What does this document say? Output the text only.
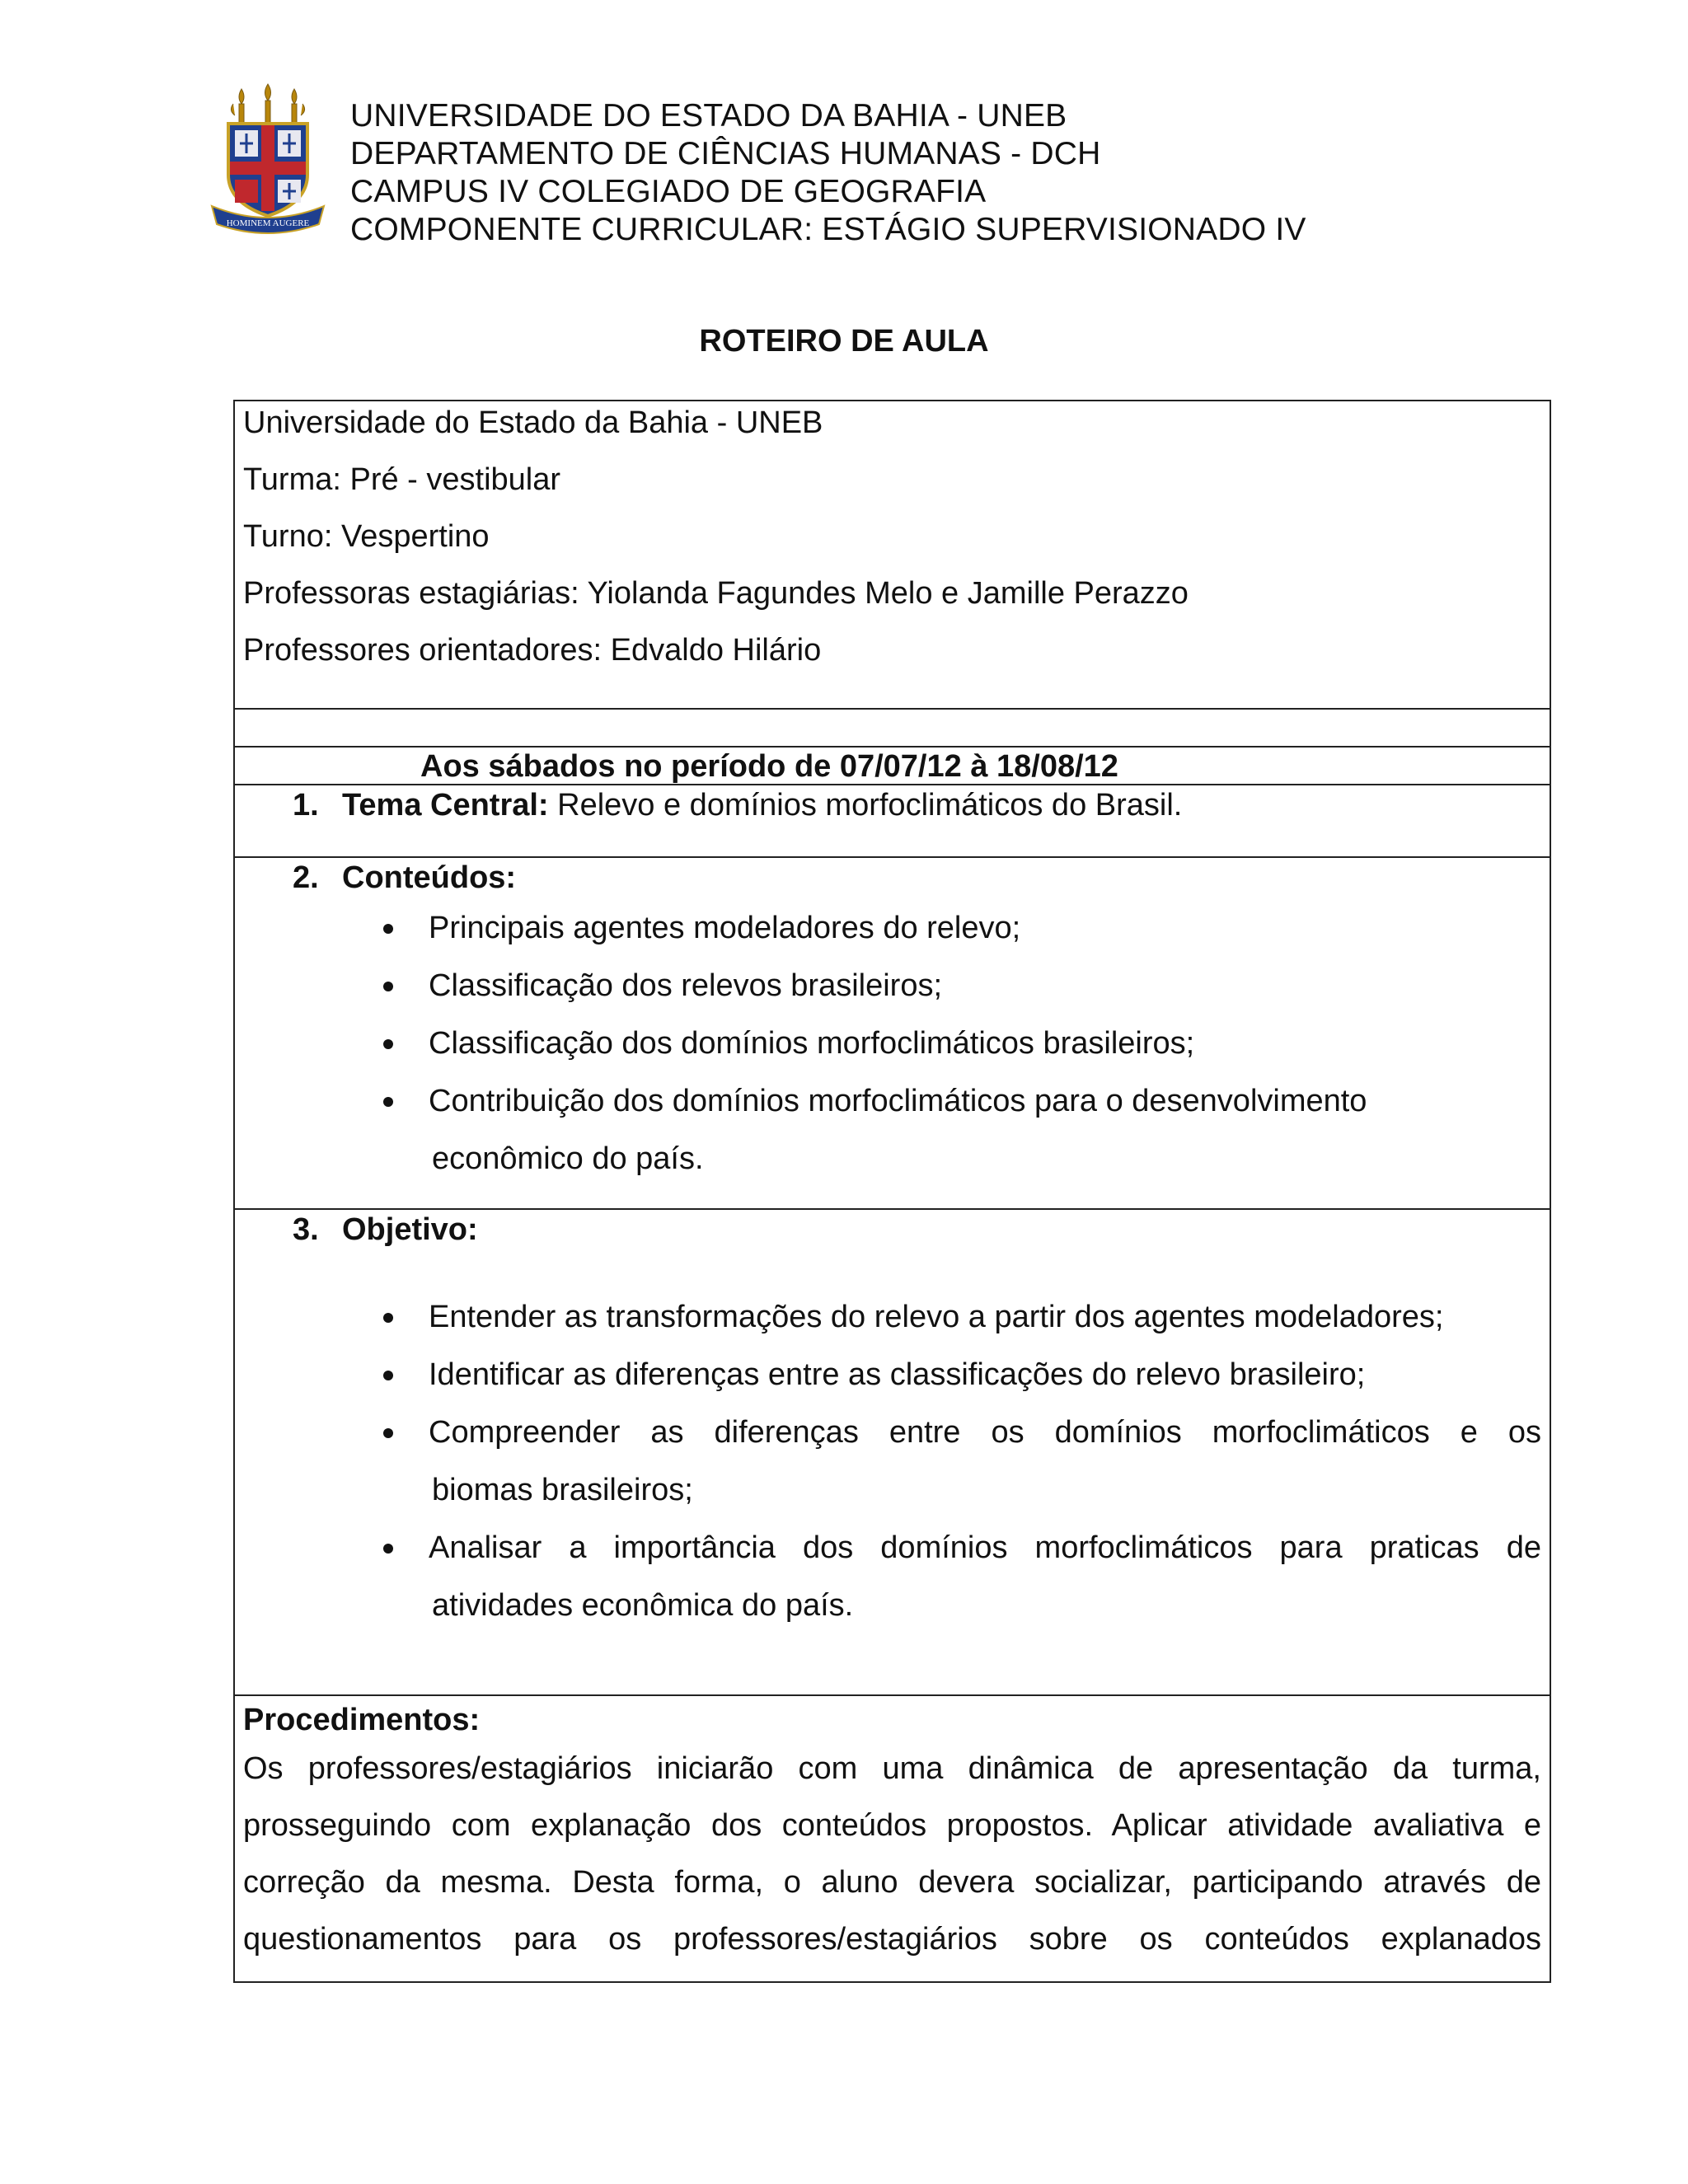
HOMINEM AUGERE
UNIVERSIDADE DO ESTADO DA BAHIA - UNEB
DEPARTAMENTO DE CIÊNCIAS HUMANAS - DCH
CAMPUS IV COLEGIADO DE GEOGRAFIA
COMPONENTE CURRICULAR: ESTÁGIO SUPERVISIONADO IV
ROTEIRO DE AULA

Universidade do Estado da Bahia - UNEB

Turma: Pré - vestibular

Turno: Vespertino

Professoras estagiárias: Yiolanda Fagundes Melo e Jamille Perazzo

Professores orientadores: Edvaldo Hilário

Aos sábados no período de 07/07/12 à 18/08/12
1. Tema Central: Relevo e domínios morfoclimáticos do Brasil.
2. Conteúdos:
Principais agentes modeladores do relevo;
Classificação dos relevos brasileiros;
Classificação dos domínios morfoclimáticos brasileiros;
Contribuição dos domínios morfoclimáticos para o desenvolvimento
econômico do país.
3. Objetivo:
Entender as transformações do relevo a partir dos agentes modeladores;
Identificar as diferenças entre as classificações do relevo brasileiro;
Compreender as diferenças entre os domínios morfoclimáticos e os
biomas brasileiros;
Analisar a importância dos domínios morfoclimáticos para praticas de
atividades econômica do país.

Procedimentos:

Os professores/estagiários iniciarão com uma dinâmica de apresentação da turma,
prosseguindo com explanação dos conteúdos propostos. Aplicar atividade avaliativa e
correção da mesma. Desta forma, o aluno devera socializar, participando através de
questionamentos para os professores/estagiários sobre os conteúdos explanados
